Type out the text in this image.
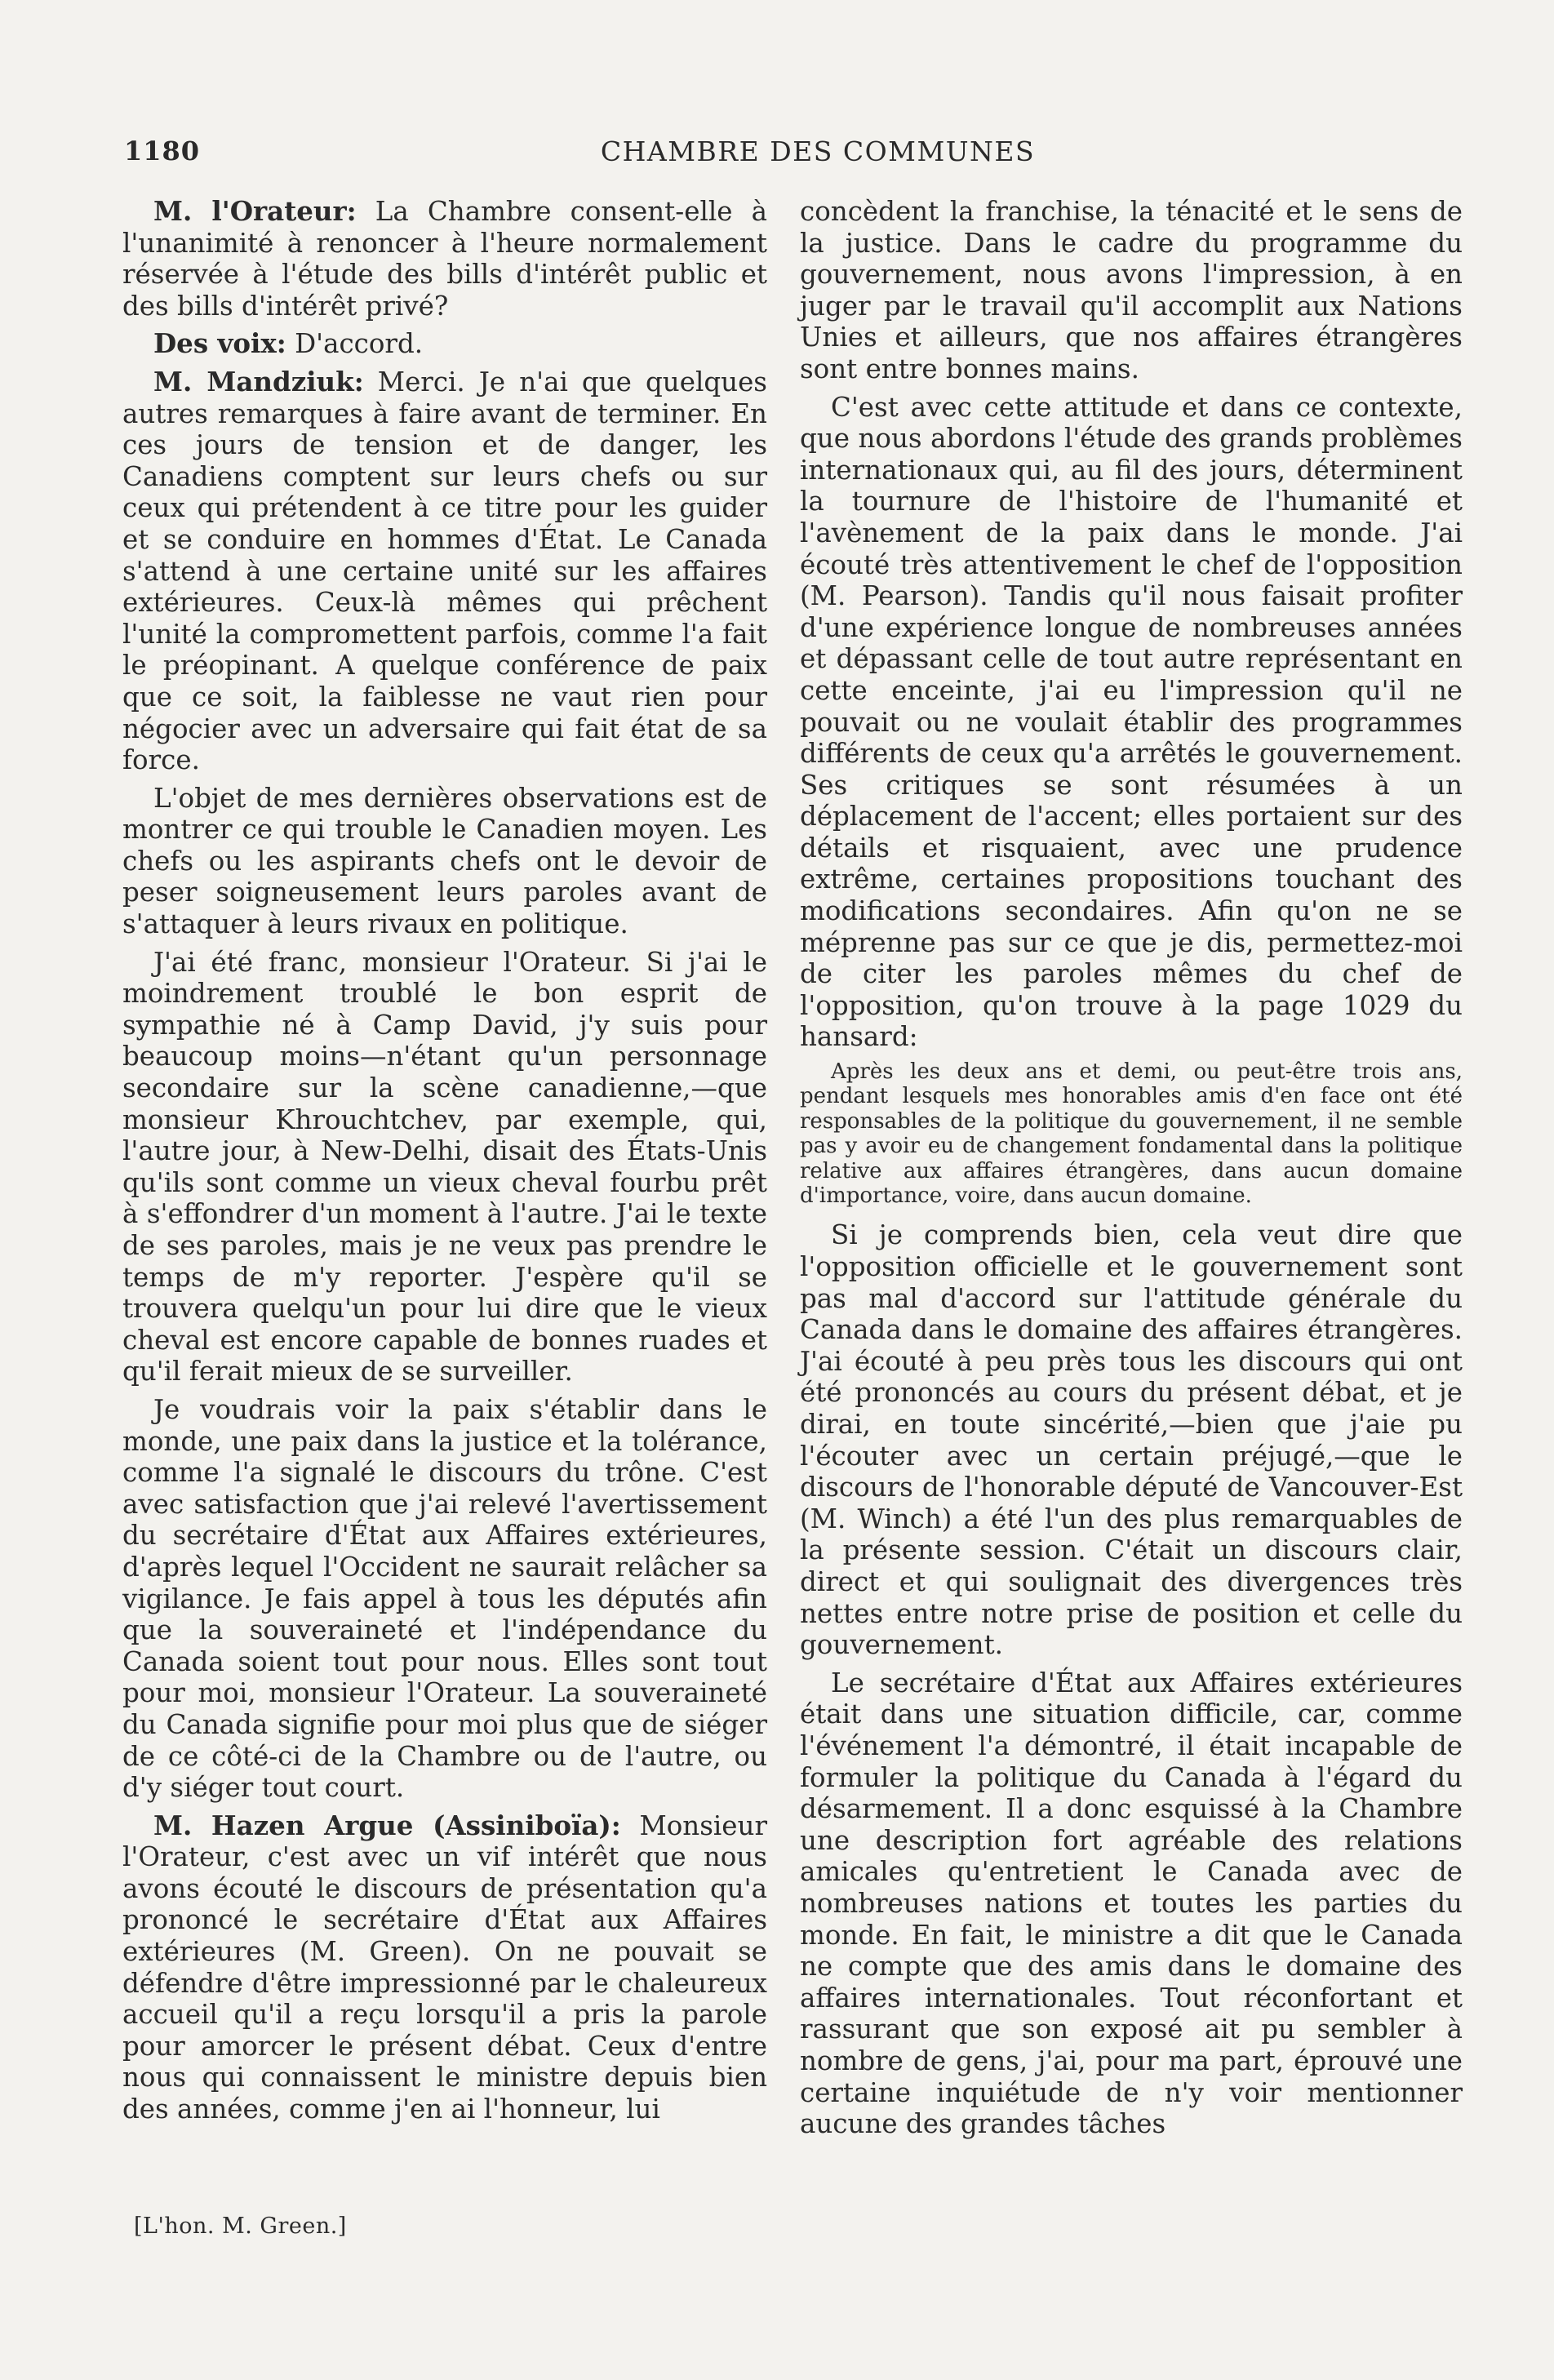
1180	CHAMBRE DES COMMUNES

M. l'Orateur: La Chambre consent-elle à l'unanimité à renoncer à l'heure normalement réservée à l'étude des bills d'intérêt public et des bills d'intérêt privé?

Des voix: D'accord.

M. Mandziuk: Merci. Je n'ai que quelques autres remarques à faire avant de terminer. En ces jours de tension et de danger, les Canadiens comptent sur leurs chefs ou sur ceux qui prétendent à ce titre pour les guider et se conduire en hommes d'État. Le Canada s'attend à une certaine unité sur les affaires extérieures. Ceux-là mêmes qui prêchent l'unité la compromettent parfois, comme l'a fait le préopinant. A quelque conférence de paix que ce soit, la faiblesse ne vaut rien pour négocier avec un adversaire qui fait état de sa force.

L'objet de mes dernières observations est de montrer ce qui trouble le Canadien moyen. Les chefs ou les aspirants chefs ont le devoir de peser soigneusement leurs paroles avant de s'attaquer à leurs rivaux en politique.

J'ai été franc, monsieur l'Orateur. Si j'ai le moindrement troublé le bon esprit de sympathie né à Camp David, j'y suis pour beaucoup moins—n'étant qu'un personnage secondaire sur la scène canadienne,—que monsieur Khrouchtchev, par exemple, qui, l'autre jour, à New-Delhi, disait des États-Unis qu'ils sont comme un vieux cheval fourbu prêt à s'effondrer d'un moment à l'autre. J'ai le texte de ses paroles, mais je ne veux pas prendre le temps de m'y reporter. J'espère qu'il se trouvera quelqu'un pour lui dire que le vieux cheval est encore capable de bonnes ruades et qu'il ferait mieux de se surveiller.

Je voudrais voir la paix s'établir dans le monde, une paix dans la justice et la tolérance, comme l'a signalé le discours du trône. C'est avec satisfaction que j'ai relevé l'avertissement du secrétaire d'État aux Affaires extérieures, d'après lequel l'Occident ne saurait relâcher sa vigilance. Je fais appel à tous les députés afin que la souveraineté et l'indépendance du Canada soient tout pour nous. Elles sont tout pour moi, monsieur l'Orateur. La souveraineté du Canada signifie pour moi plus que de siéger de ce côté-ci de la Chambre ou de l'autre, ou d'y siéger tout court.

M. Hazen Argue (Assiniboïa): Monsieur l'Orateur, c'est avec un vif intérêt que nous avons écouté le discours de présentation qu'a prononcé le secrétaire d'État aux Affaires extérieures (M. Green). On ne pouvait se défendre d'être impressionné par le chaleureux accueil qu'il a reçu lorsqu'il a pris la parole pour amorcer le présent débat. Ceux d'entre nous qui connaissent le ministre depuis bien des années, comme j'en ai l'honneur, lui

concèdent la franchise, la ténacité et le sens de la justice. Dans le cadre du programme du gouvernement, nous avons l'impression, à en juger par le travail qu'il accomplit aux Nations Unies et ailleurs, que nos affaires étrangères sont entre bonnes mains.

C'est avec cette attitude et dans ce contexte, que nous abordons l'étude des grands problèmes internationaux qui, au fil des jours, déterminent la tournure de l'histoire de l'humanité et l'avènement de la paix dans le monde. J'ai écouté très attentivement le chef de l'opposition (M. Pearson). Tandis qu'il nous faisait profiter d'une expérience longue de nombreuses années et dépassant celle de tout autre représentant en cette enceinte, j'ai eu l'impression qu'il ne pouvait ou ne voulait établir des programmes différents de ceux qu'a arrêtés le gouvernement. Ses critiques se sont résumées à un déplacement de l'accent; elles portaient sur des détails et risquaient, avec une prudence extrême, certaines propositions touchant des modifications secondaires. Afin qu'on ne se méprenne pas sur ce que je dis, permettez-moi de citer les paroles mêmes du chef de l'opposition, qu'on trouve à la page 1029 du hansard:

Après les deux ans et demi, ou peut-être trois ans, pendant lesquels mes honorables amis d'en face ont été responsables de la politique du gouvernement, il ne semble pas y avoir eu de changement fondamental dans la politique relative aux affaires étrangères, dans aucun domaine d'importance, voire, dans aucun domaine.

Si je comprends bien, cela veut dire que l'opposition officielle et le gouvernement sont pas mal d'accord sur l'attitude générale du Canada dans le domaine des affaires étrangères. J'ai écouté à peu près tous les discours qui ont été prononcés au cours du présent débat, et je dirai, en toute sincérité,—bien que j'aie pu l'écouter avec un certain préjugé,—que le discours de l'honorable député de Vancouver-Est (M. Winch) a été l'un des plus remarquables de la présente session. C'était un discours clair, direct et qui soulignait des divergences très nettes entre notre prise de position et celle du gouvernement.

Le secrétaire d'État aux Affaires extérieures était dans une situation difficile, car, comme l'événement l'a démontré, il était incapable de formuler la politique du Canada à l'égard du désarmement. Il a donc esquissé à la Chambre une description fort agréable des relations amicales qu'entretient le Canada avec de nombreuses nations et toutes les parties du monde. En fait, le ministre a dit que le Canada ne compte que des amis dans le domaine des affaires internationales. Tout réconfortant et rassurant que son exposé ait pu sembler à nombre de gens, j'ai, pour ma part, éprouvé une certaine inquiétude de n'y voir mentionner aucune des grandes tâches

[L'hon. M. Green.]
